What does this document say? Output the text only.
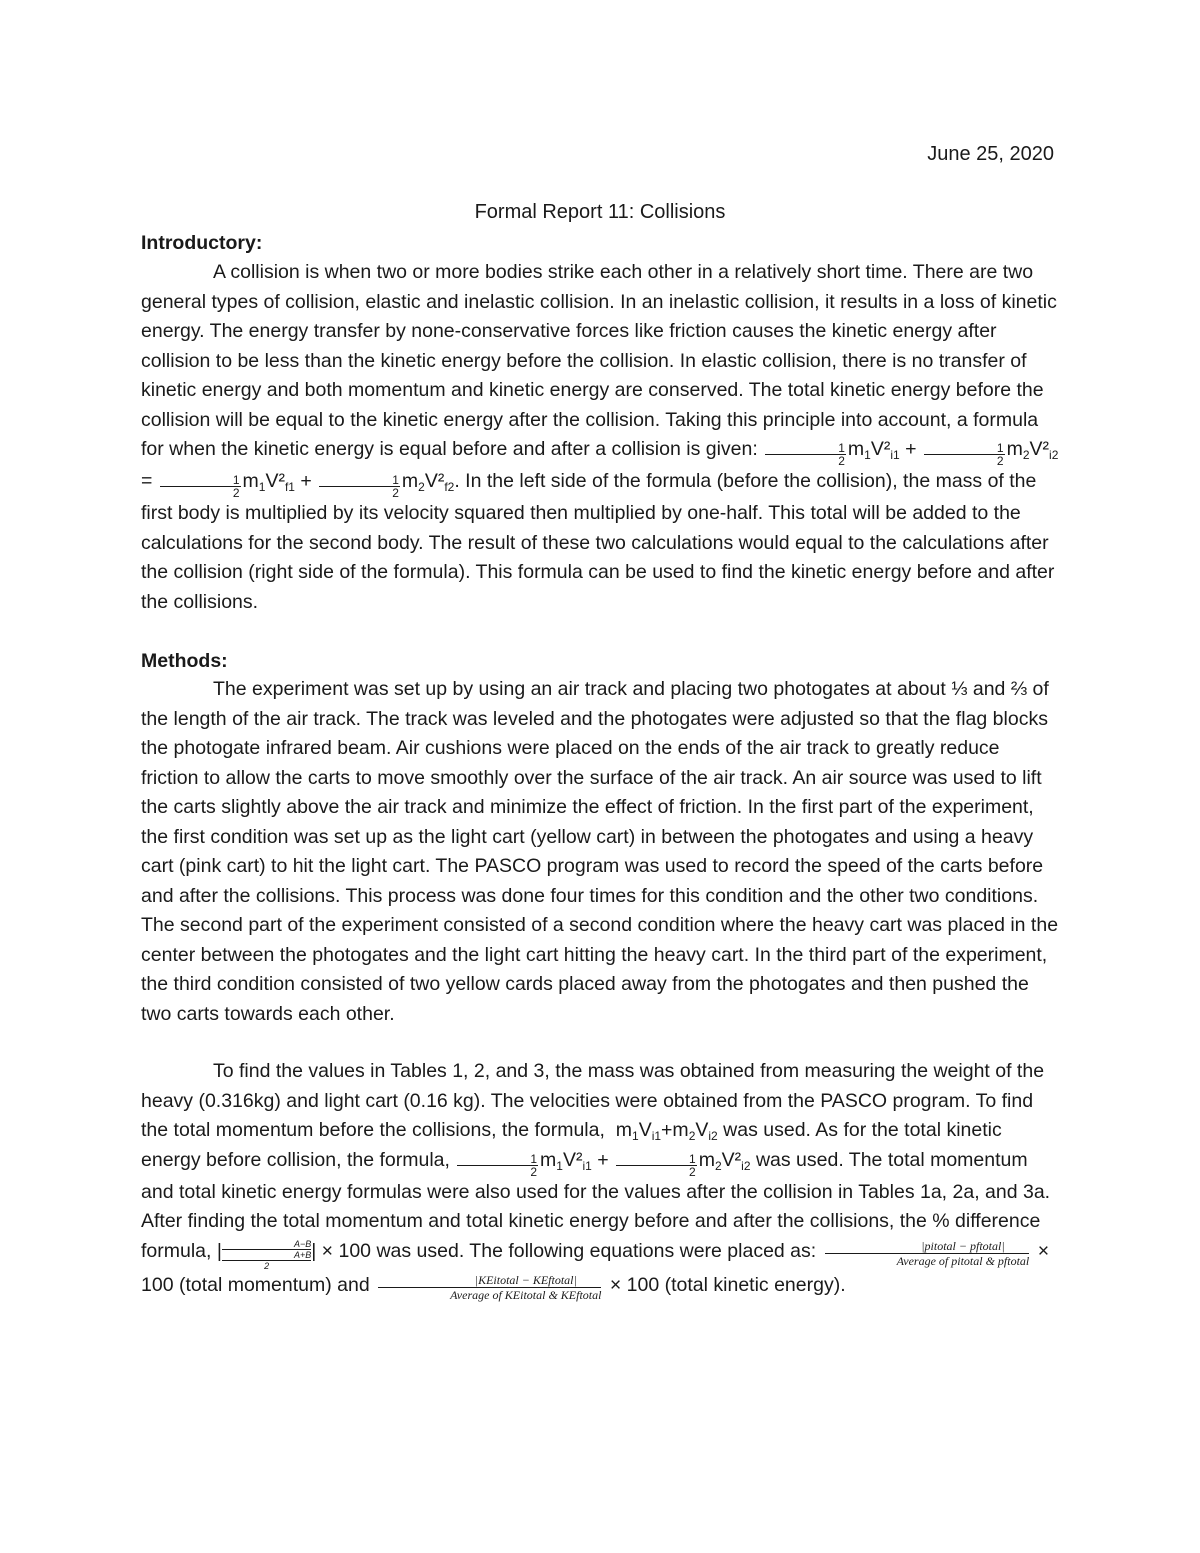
June 25, 2020
Formal Report 11: Collisions
Introductory:

A collision is when two or more bodies strike each other in a relatively short time. There are two general types of collision, elastic and inelastic collision. In an inelastic collision, it results in a loss of kinetic energy. The energy transfer by none-conservative forces like friction causes the kinetic energy after collision to be less than the kinetic energy before the collision. In elastic collision, there is no transfer of kinetic energy and both momentum and kinetic energy are conserved. The total kinetic energy before the collision will be equal to the kinetic energy after the collision. Taking this principle into account, a formula for when the kinetic energy is equal before and after a collision is given: $\frac{1}{2} m_1V^2_{i1} + \frac{1}{2} m_2V^2_{i2} = \frac{1}{2} m_1V^2_{f1} + \frac{1}{2} m_2V^2_{f2}$. In the left side of the formula (before the collision), the mass of the first body is multiplied by its velocity squared then multiplied by one-half. This total will be added to the calculations for the second body. The result of these two calculations would equal to the calculations after the collision (right side of the formula). This formula can be used to find the kinetic energy before and after the collisions.

Methods:

The experiment was set up by using an air track and placing two photogates at about ⅓ and ⅔ of the length of the air track. The track was leveled and the photogates were adjusted so that the flag blocks the photogate infrared beam. Air cushions were placed on the ends of the air track to greatly reduce friction to allow the carts to move smoothly over the surface of the air track. An air source was used to lift the carts slightly above the air track and minimize the effect of friction. In the first part of the experiment, the first condition was set up as the light cart (yellow cart) in between the photogates and using a heavy cart (pink cart) to hit the light cart. The PASCO program was used to record the speed of the carts before and after the collisions. This process was done four times for this condition and the other two conditions. The second part of the experiment consisted of a second condition where the heavy cart was placed in the center between the photogates and the light cart hitting the heavy cart. In the third part of the experiment, the third condition consisted of two yellow cards placed away from the photogates and then pushed the two carts towards each other.

To find the values in Tables 1, 2, and 3, the mass was obtained from measuring the weight of the heavy (0.316kg) and light cart (0.16 kg). The velocities were obtained from the PASCO program. To find the total momentum before the collisions, the formula,  $m_1V_{i1}+m_2V_{i2}$ was used. As for the total kinetic energy before collision, the formula, $\frac{1}{2} m_1V^2_{i1} + \frac{1}{2} m_2V^2_{i2}$ was used. The total momentum and total kinetic energy formulas were also used for the values after the collision in Tables 1a, 2a, and 3a. After finding the total momentum and total kinetic energy before and after the collisions, the % difference formula, |	A−B
A+B
2| × 100 was used. The following equations were placed as: $\frac{\text{|pitotal − pftotal|}}{\text{Average of pitotal \& pftotal}} \times 100$ (total momentum) and $\frac{\text{|KEitotal − KEftotal|}}{\text{Average of KEitotal \& KEftotal}} \times 100$ (total kinetic energy).
